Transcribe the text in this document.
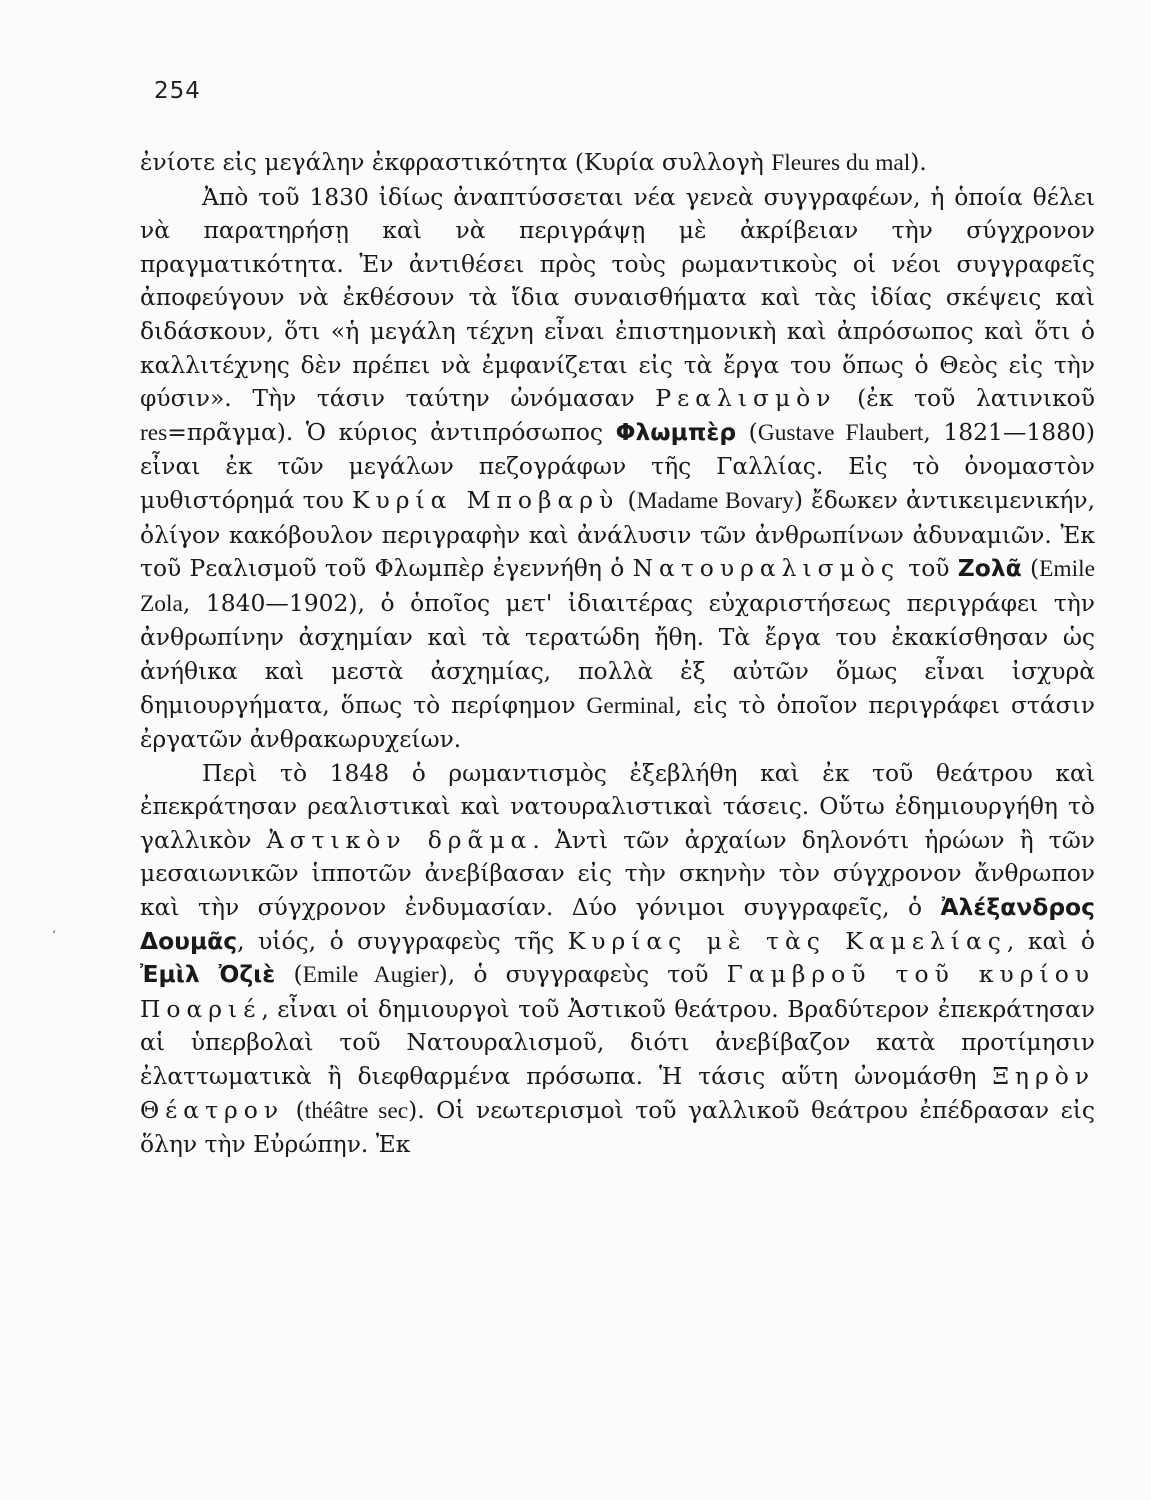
254
‘

ἐνίοτε εἰς μεγάλην ἐκφραστικότητα (Κυρία συλλογὴ Fleures du mal).

Ἀπὸ τοῦ 1830 ἰδίως ἀναπτύσσεται νέα γενεὰ συγγραφέων, ἡ ὁποία θέλει νὰ παρατηρήσῃ καὶ νὰ περιγράψῃ μὲ ἀκρίβειαν τὴν σύγχρονον πραγματικότητα. Ἐν ἀντιθέσει πρὸς τοὺς ρωμαντικοὺς οἱ νέοι συγγραφεῖς ἀποφεύγουν νὰ ἐκθέσουν τὰ ἴδια συναισθήματα καὶ τὰς ἰδίας σκέψεις καὶ διδάσκουν, ὅτι «ἡ μεγάλη τέχνη εἶναι ἐπιστημονικὴ καὶ ἀπρόσωπος καὶ ὅτι ὁ καλλιτέχνης δὲν πρέπει νὰ ἐμφανίζεται εἰς τὰ ἔργα του ὅπως ὁ Θεὸς εἰς τὴν φύσιν». Τὴν τάσιν ταύτην ὠνόμασαν Ρεαλισμὸν (ἐκ τοῦ λατινικοῦ res=πρᾶγμα). Ὁ κύριος ἀντιπρόσωπος Φλωμπὲρ (Gustave Flaubert, 1821—1880) εἶναι ἐκ τῶν μεγάλων πεζογράφων τῆς Γαλλίας. Εἰς τὸ ὀνομαστὸν μυθιστόρημά του Κυρία Μποβαρὺ (Madame Bovary) ἔδωκεν ἀντικειμενικήν, ὀλίγον κακόβουλον περιγραφὴν καὶ ἀνάλυσιν τῶν ἀνθρωπίνων ἀδυναμιῶν. Ἐκ τοῦ Ρεαλισμοῦ τοῦ Φλωμπὲρ ἐγεννήθη ὁ Νατουραλισμὸς τοῦ Ζολᾶ (Emile Zola, 1840—1902), ὁ ὁποῖος μετ' ἰδιαιτέρας εὐχαριστήσεως περιγράφει τὴν ἀνθρωπίνην ἀσχημίαν καὶ τὰ τερατώδη ἤθη. Τὰ ἔργα του ἐκακίσθησαν ὡς ἀνήθικα καὶ μεστὰ ἀσχημίας, πολλὰ ἐξ αὐτῶν ὅμως εἶναι ἰσχυρὰ δημιουργήματα, ὅπως τὸ περίφημον Germinal, εἰς τὸ ὁποῖον περιγράφει στάσιν ἐργατῶν ἀνθρακωρυχείων.

Περὶ τὸ 1848 ὁ ρωμαντισμὸς ἐξεβλήθη καὶ ἐκ τοῦ θεάτρου καὶ ἐπεκράτησαν ρεαλιστικαὶ καὶ νατουραλιστικαὶ τάσεις. Οὕτω ἐδημιουργήθη τὸ γαλλικὸν Ἀστικὸν δρᾶμα. Ἀντὶ τῶν ἀρχαίων δηλονότι ἡρώων ἢ τῶν μεσαιωνικῶν ἱπποτῶν ἀνεβίβασαν εἰς τὴν σκηνὴν τὸν σύγχρονον ἄνθρωπον καὶ τὴν σύγχρονον ἐνδυμασίαν. Δύο γόνιμοι συγγραφεῖς, ὁ Ἀλέξανδρος Δουμᾶς, υἱός, ὁ συγγραφεὺς τῆς Κυρίας μὲ τὰς Καμελίας, καὶ ὁ Ἐμὶλ Ὀζιὲ (Emile Augier), ὁ συγγραφεὺς τοῦ Γαμβροῦ τοῦ κυρίου Ποαριέ, εἶναι οἱ δημιουργοὶ τοῦ Ἀστικοῦ θεάτρου. Βραδύτερον ἐπεκράτησαν αἱ ὑπερβολαὶ τοῦ Νατουραλισμοῦ, διότι ἀνεβίβαζον κατὰ προτίμησιν ἐλαττωματικὰ ἢ διεφθαρμένα πρόσωπα. Ἡ τάσις αὕτη ὠνομάσθη Ξηρὸν Θέατρον (théâtre sec). Οἱ νεωτερισμοὶ τοῦ γαλλικοῦ θεάτρου ἐπέδρασαν εἰς ὅλην τὴν Εὐρώπην. Ἐκ
